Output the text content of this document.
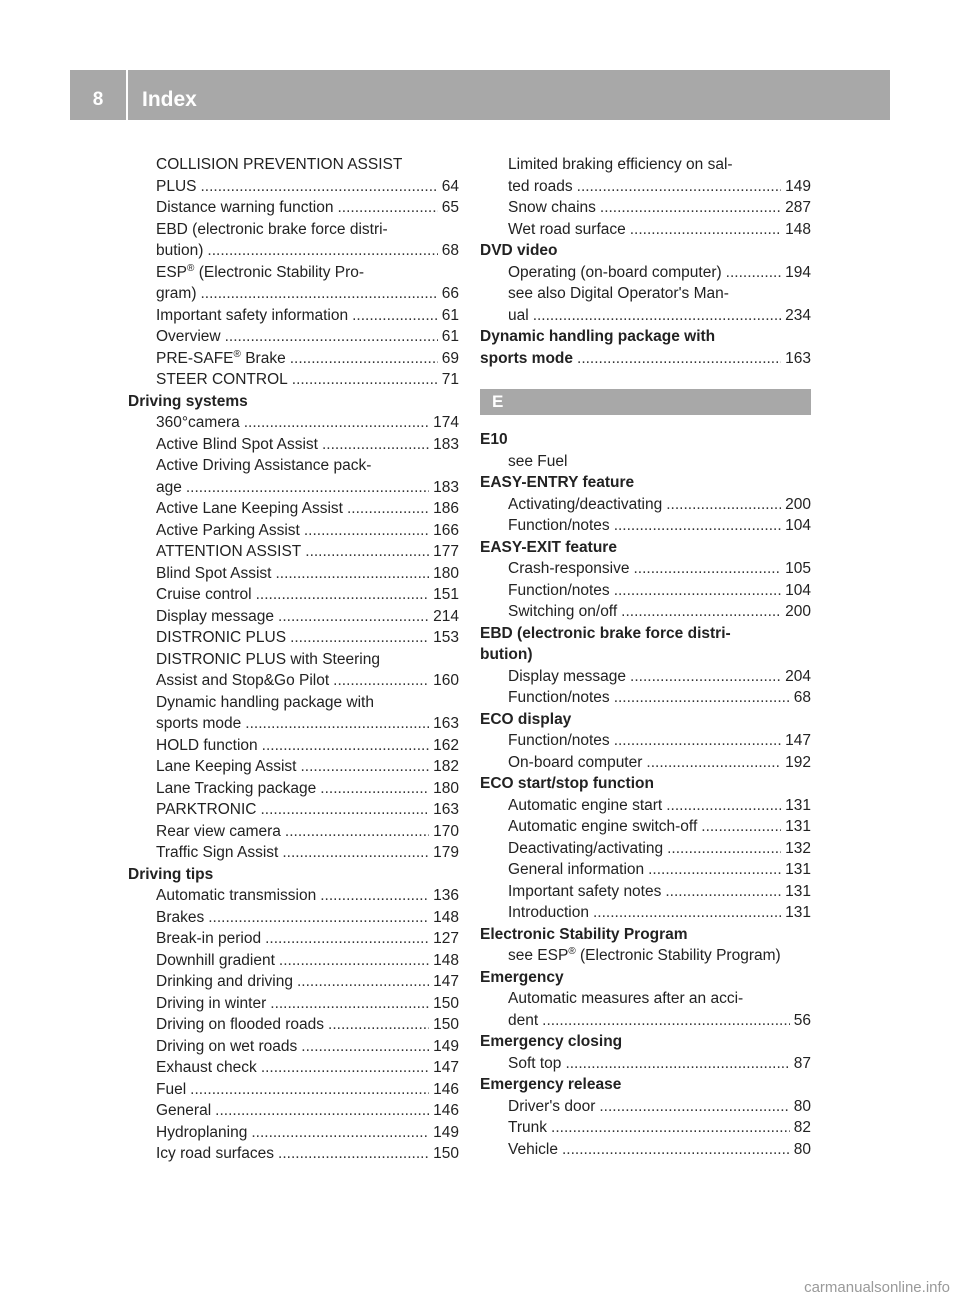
8	Index
COLLISION PREVENTION ASSIST
PLUS .....	64
Distance warning function .....	65
EBD (electronic brake force distri-
bution) .....	68
ESP® (Electronic Stability Pro-
gram) .....	66
Important safety information .....	61
Overview .....	61
PRE-SAFE® Brake .....	69
STEER CONTROL .....	71
Driving systems
360°camera .....	174
Active Blind Spot Assist .....	183
Active Driving Assistance pack-
age .....	183
Active Lane Keeping Assist .....	186
Active Parking Assist .....	166
ATTENTION ASSIST .....	177
Blind Spot Assist .....	180
Cruise control .....	151
Display message .....	214
DISTRONIC PLUS .....	153
DISTRONIC PLUS with Steering
Assist and Stop&Go Pilot .....	160
Dynamic handling package with
sports mode .....	163
HOLD function .....	162
Lane Keeping Assist .....	182
Lane Tracking package .....	180
PARKTRONIC .....	163
Rear view camera .....	170
Traffic Sign Assist .....	179
Driving tips
Automatic transmission .....	136
Brakes .....	148
Break-in period .....	127
Downhill gradient .....	148
Drinking and driving .....	147
Driving in winter .....	150
Driving on flooded roads .....	150
Driving on wet roads .....	149
Exhaust check .....	147
Fuel .....	146
General .....	146
Hydroplaning .....	149
Icy road surfaces .....	150
Limited braking efficiency on sal-
ted roads .....	149
Snow chains .....	287
Wet road surface .....	148
DVD video
Operating (on-board computer) .....	194
see also Digital Operator's Man-
ual .....	234
Dynamic handling package with
sports mode .....	163
E
E10
see Fuel
EASY-ENTRY feature
Activating/deactivating .....	200
Function/notes .....	104
EASY-EXIT feature
Crash-responsive .....	105
Function/notes .....	104
Switching on/off .....	200
EBD (electronic brake force distri-
bution)
Display message .....	204
Function/notes .....	68
ECO display
Function/notes .....	147
On-board computer .....	192
ECO start/stop function
Automatic engine start .....	131
Automatic engine switch-off .....	131
Deactivating/activating .....	132
General information .....	131
Important safety notes .....	131
Introduction .....	131
Electronic Stability Program
see ESP® (Electronic Stability Program)
Emergency
Automatic measures after an acci-
dent .....	56
Emergency closing
Soft top .....	87
Emergency release
Driver's door .....	80
Trunk .....	82
Vehicle .....	80
carmanualsonline.info
